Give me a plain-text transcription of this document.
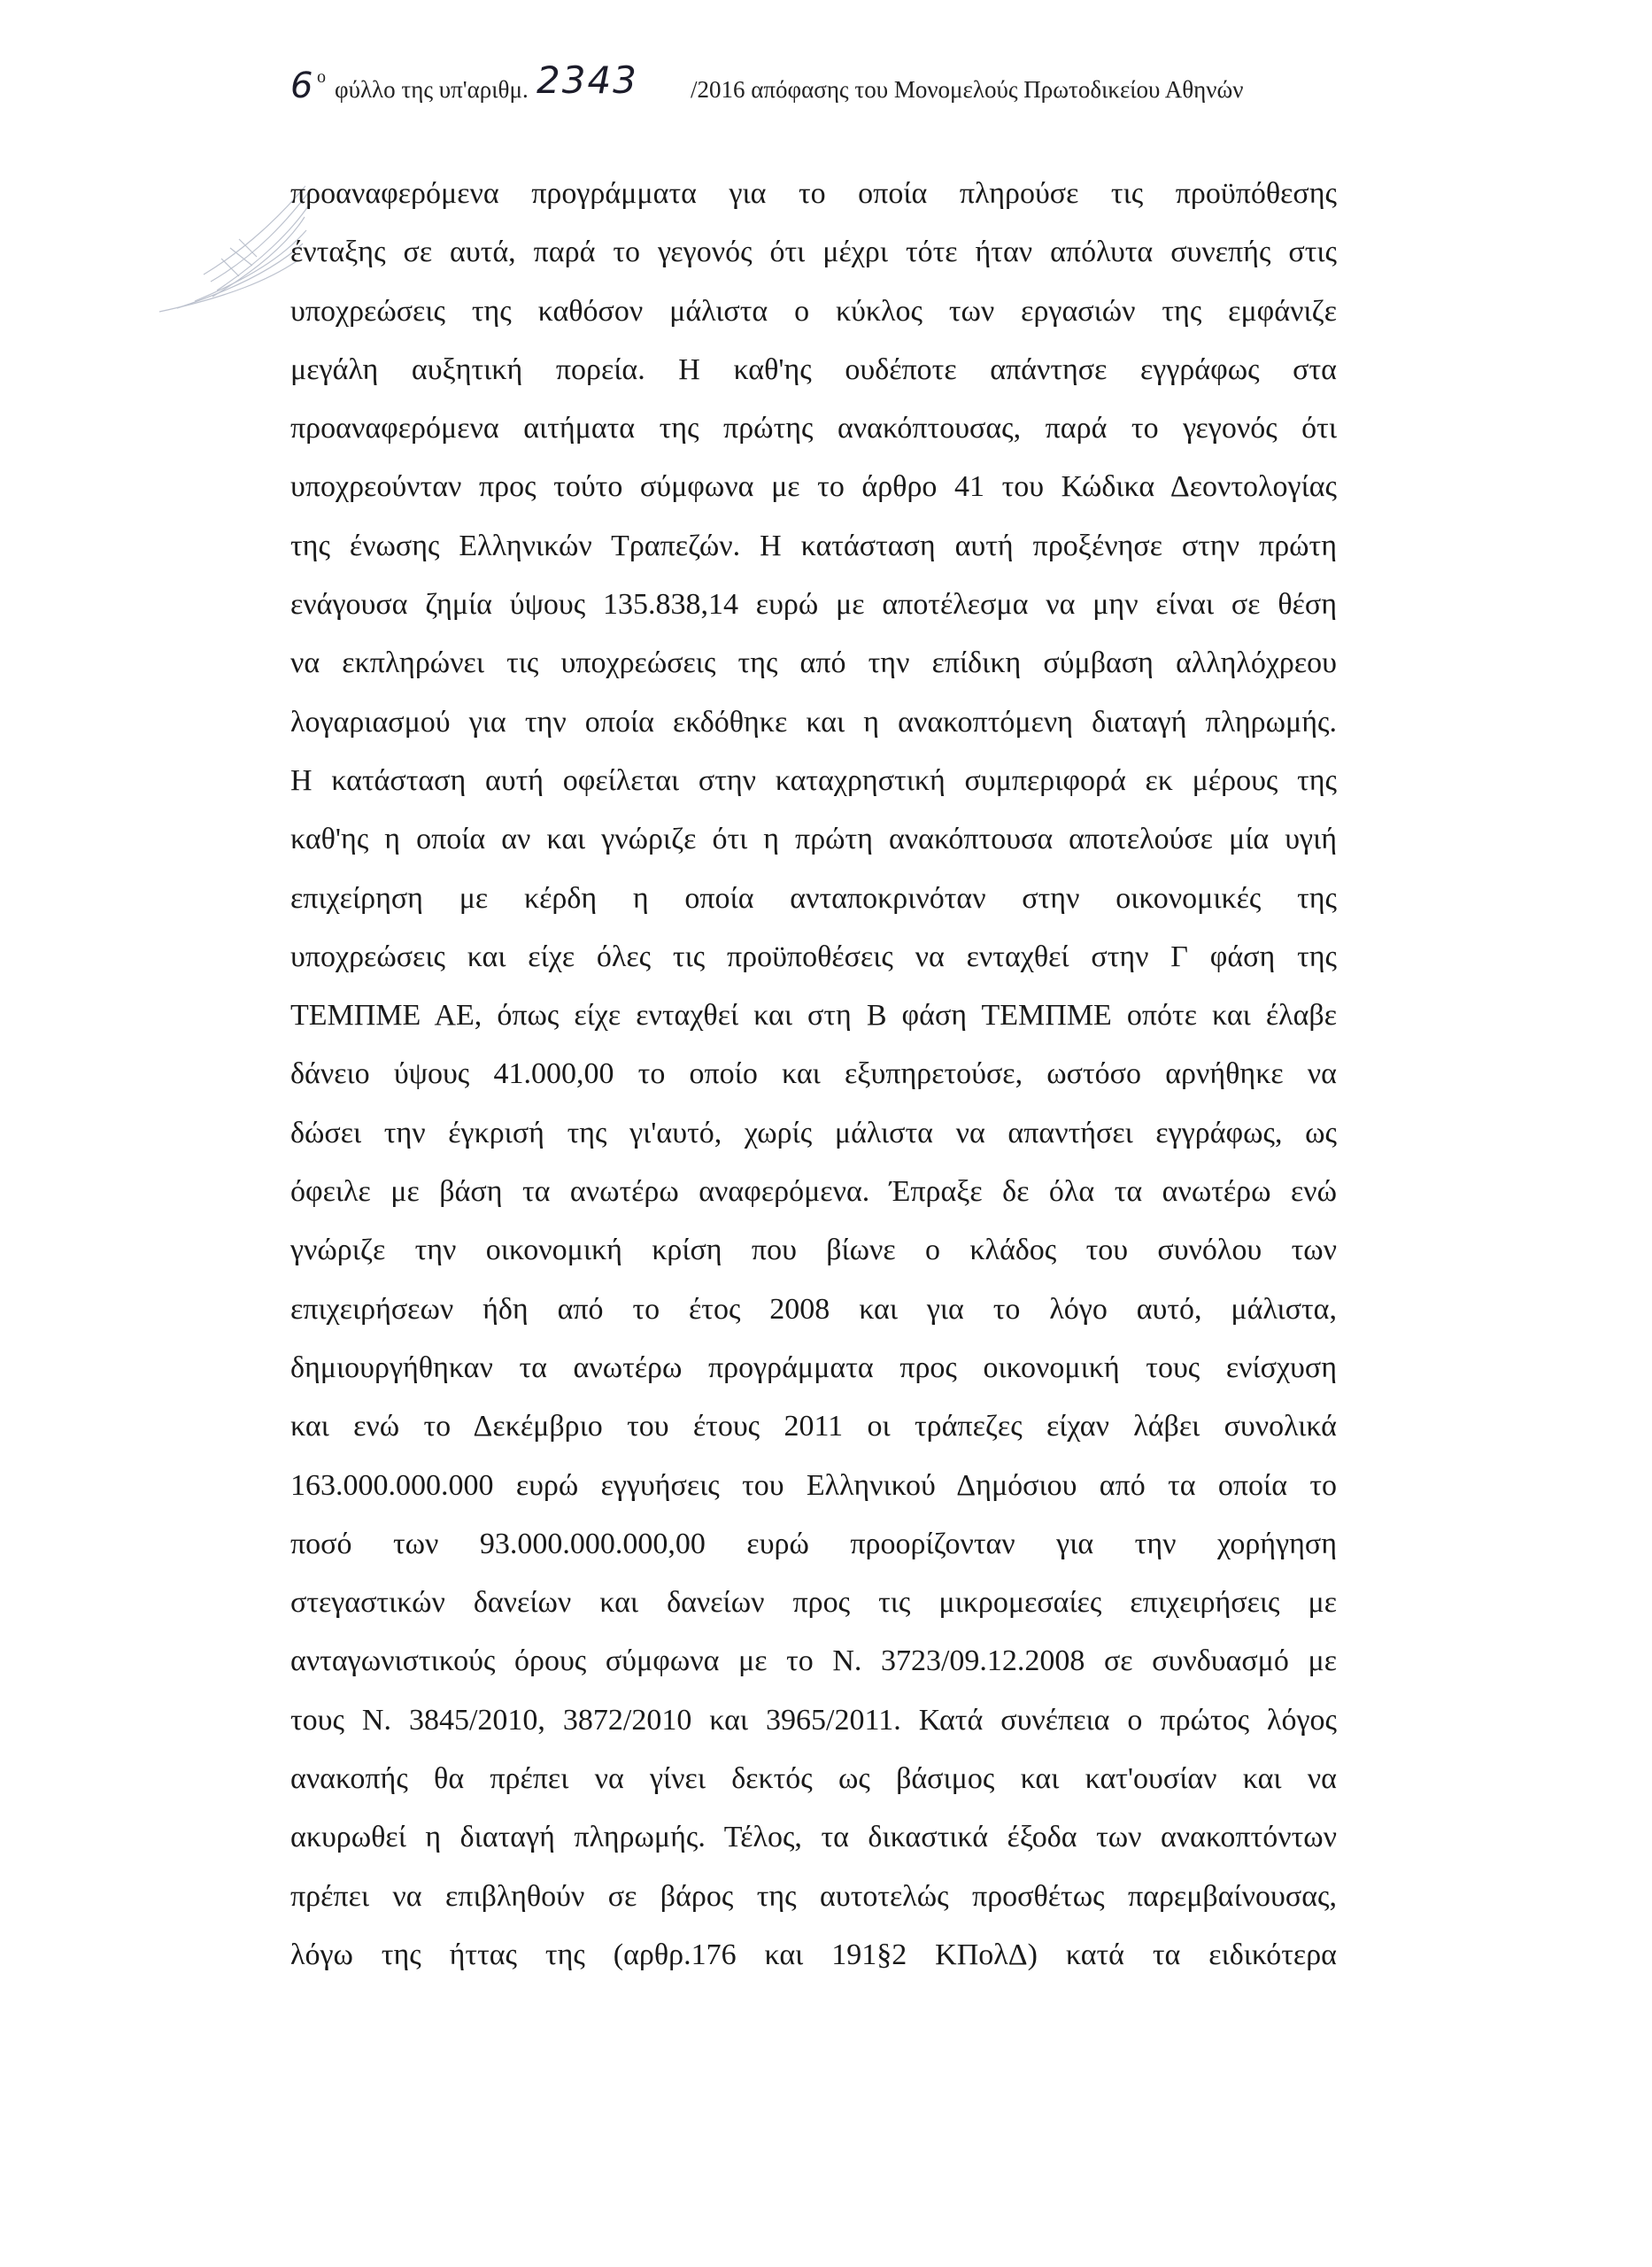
6 o φύλλο της υπ'αριθμ. 2343 /2016 απόφασης του Μονομελούς Πρωτοδικείου Αθηνών
προαναφερόμενα προγράμματα για το οποία πληρούσε τις προϋπόθεσης
ένταξης σε αυτά, παρά το γεγονός ότι μέχρι τότε ήταν απόλυτα συνεπής στις
υποχρεώσεις της καθόσον μάλιστα ο κύκλος των εργασιών της εμφάνιζε
μεγάλη αυξητική πορεία. Η καθ'ης ουδέποτε απάντησε εγγράφως στα
προαναφερόμενα αιτήματα της πρώτης ανακόπτουσας, παρά το γεγονός ότι
υποχρεούνταν προς τούτο σύμφωνα με το άρθρο 41 του Κώδικα Δεοντολογίας
της ένωσης Ελληνικών Τραπεζών. Η κατάσταση αυτή προξένησε στην πρώτη
ενάγουσα ζημία ύψους 135.838,14 ευρώ με αποτέλεσμα να μην είναι σε θέση
να εκπληρώνει τις υποχρεώσεις της από την επίδικη σύμβαση αλληλόχρεου
λογαριασμού για την οποία εκδόθηκε και η ανακοπτόμενη διαταγή πληρωμής.
Η κατάσταση αυτή οφείλεται στην καταχρηστική συμπεριφορά εκ μέρους της
καθ'ης η οποία αν και γνώριζε ότι η πρώτη ανακόπτουσα αποτελούσε μία υγιή
επιχείρηση με κέρδη η οποία ανταποκρινόταν στην οικονομικές της
υποχρεώσεις και είχε όλες τις προϋποθέσεις να ενταχθεί στην Γ φάση της
ΤΕΜΠΜΕ ΑΕ, όπως είχε ενταχθεί και στη Β φάση ΤΕΜΠΜΕ οπότε και έλαβε
δάνειο ύψους 41.000,00 το οποίο και εξυπηρετούσε, ωστόσο αρνήθηκε να
δώσει την έγκρισή της γι'αυτό, χωρίς μάλιστα να απαντήσει εγγράφως, ως
όφειλε με βάση τα ανωτέρω αναφερόμενα. Έπραξε δε όλα τα ανωτέρω ενώ
γνώριζε την οικονομική κρίση που βίωνε ο κλάδος του συνόλου των
επιχειρήσεων ήδη από το έτος 2008 και για το λόγο αυτό, μάλιστα,
δημιουργήθηκαν τα ανωτέρω προγράμματα προς οικονομική τους ενίσχυση
και ενώ το Δεκέμβριο του έτους 2011 οι τράπεζες είχαν λάβει συνολικά
163.000.000.000 ευρώ εγγυήσεις του Ελληνικού Δημόσιου από τα οποία το
ποσό των 93.000.000.000,00 ευρώ προορίζονταν για την χορήγηση
στεγαστικών δανείων και δανείων προς τις μικρομεσαίες επιχειρήσεις με
ανταγωνιστικούς όρους σύμφωνα με το Ν. 3723/09.12.2008 σε συνδυασμό με
τους Ν. 3845/2010, 3872/2010 και 3965/2011. Κατά συνέπεια ο πρώτος λόγος
ανακοπής θα πρέπει να γίνει δεκτός ως βάσιμος και κατ'ουσίαν και να
ακυρωθεί η διαταγή πληρωμής. Τέλος, τα δικαστικά έξοδα των ανακοπτόντων
πρέπει να επιβληθούν σε βάρος της αυτοτελώς προσθέτως παρεμβαίνουσας,
λόγω της ήττας της (αρθρ.176 και 191§2 ΚΠολΔ) κατά τα ειδικότερα
